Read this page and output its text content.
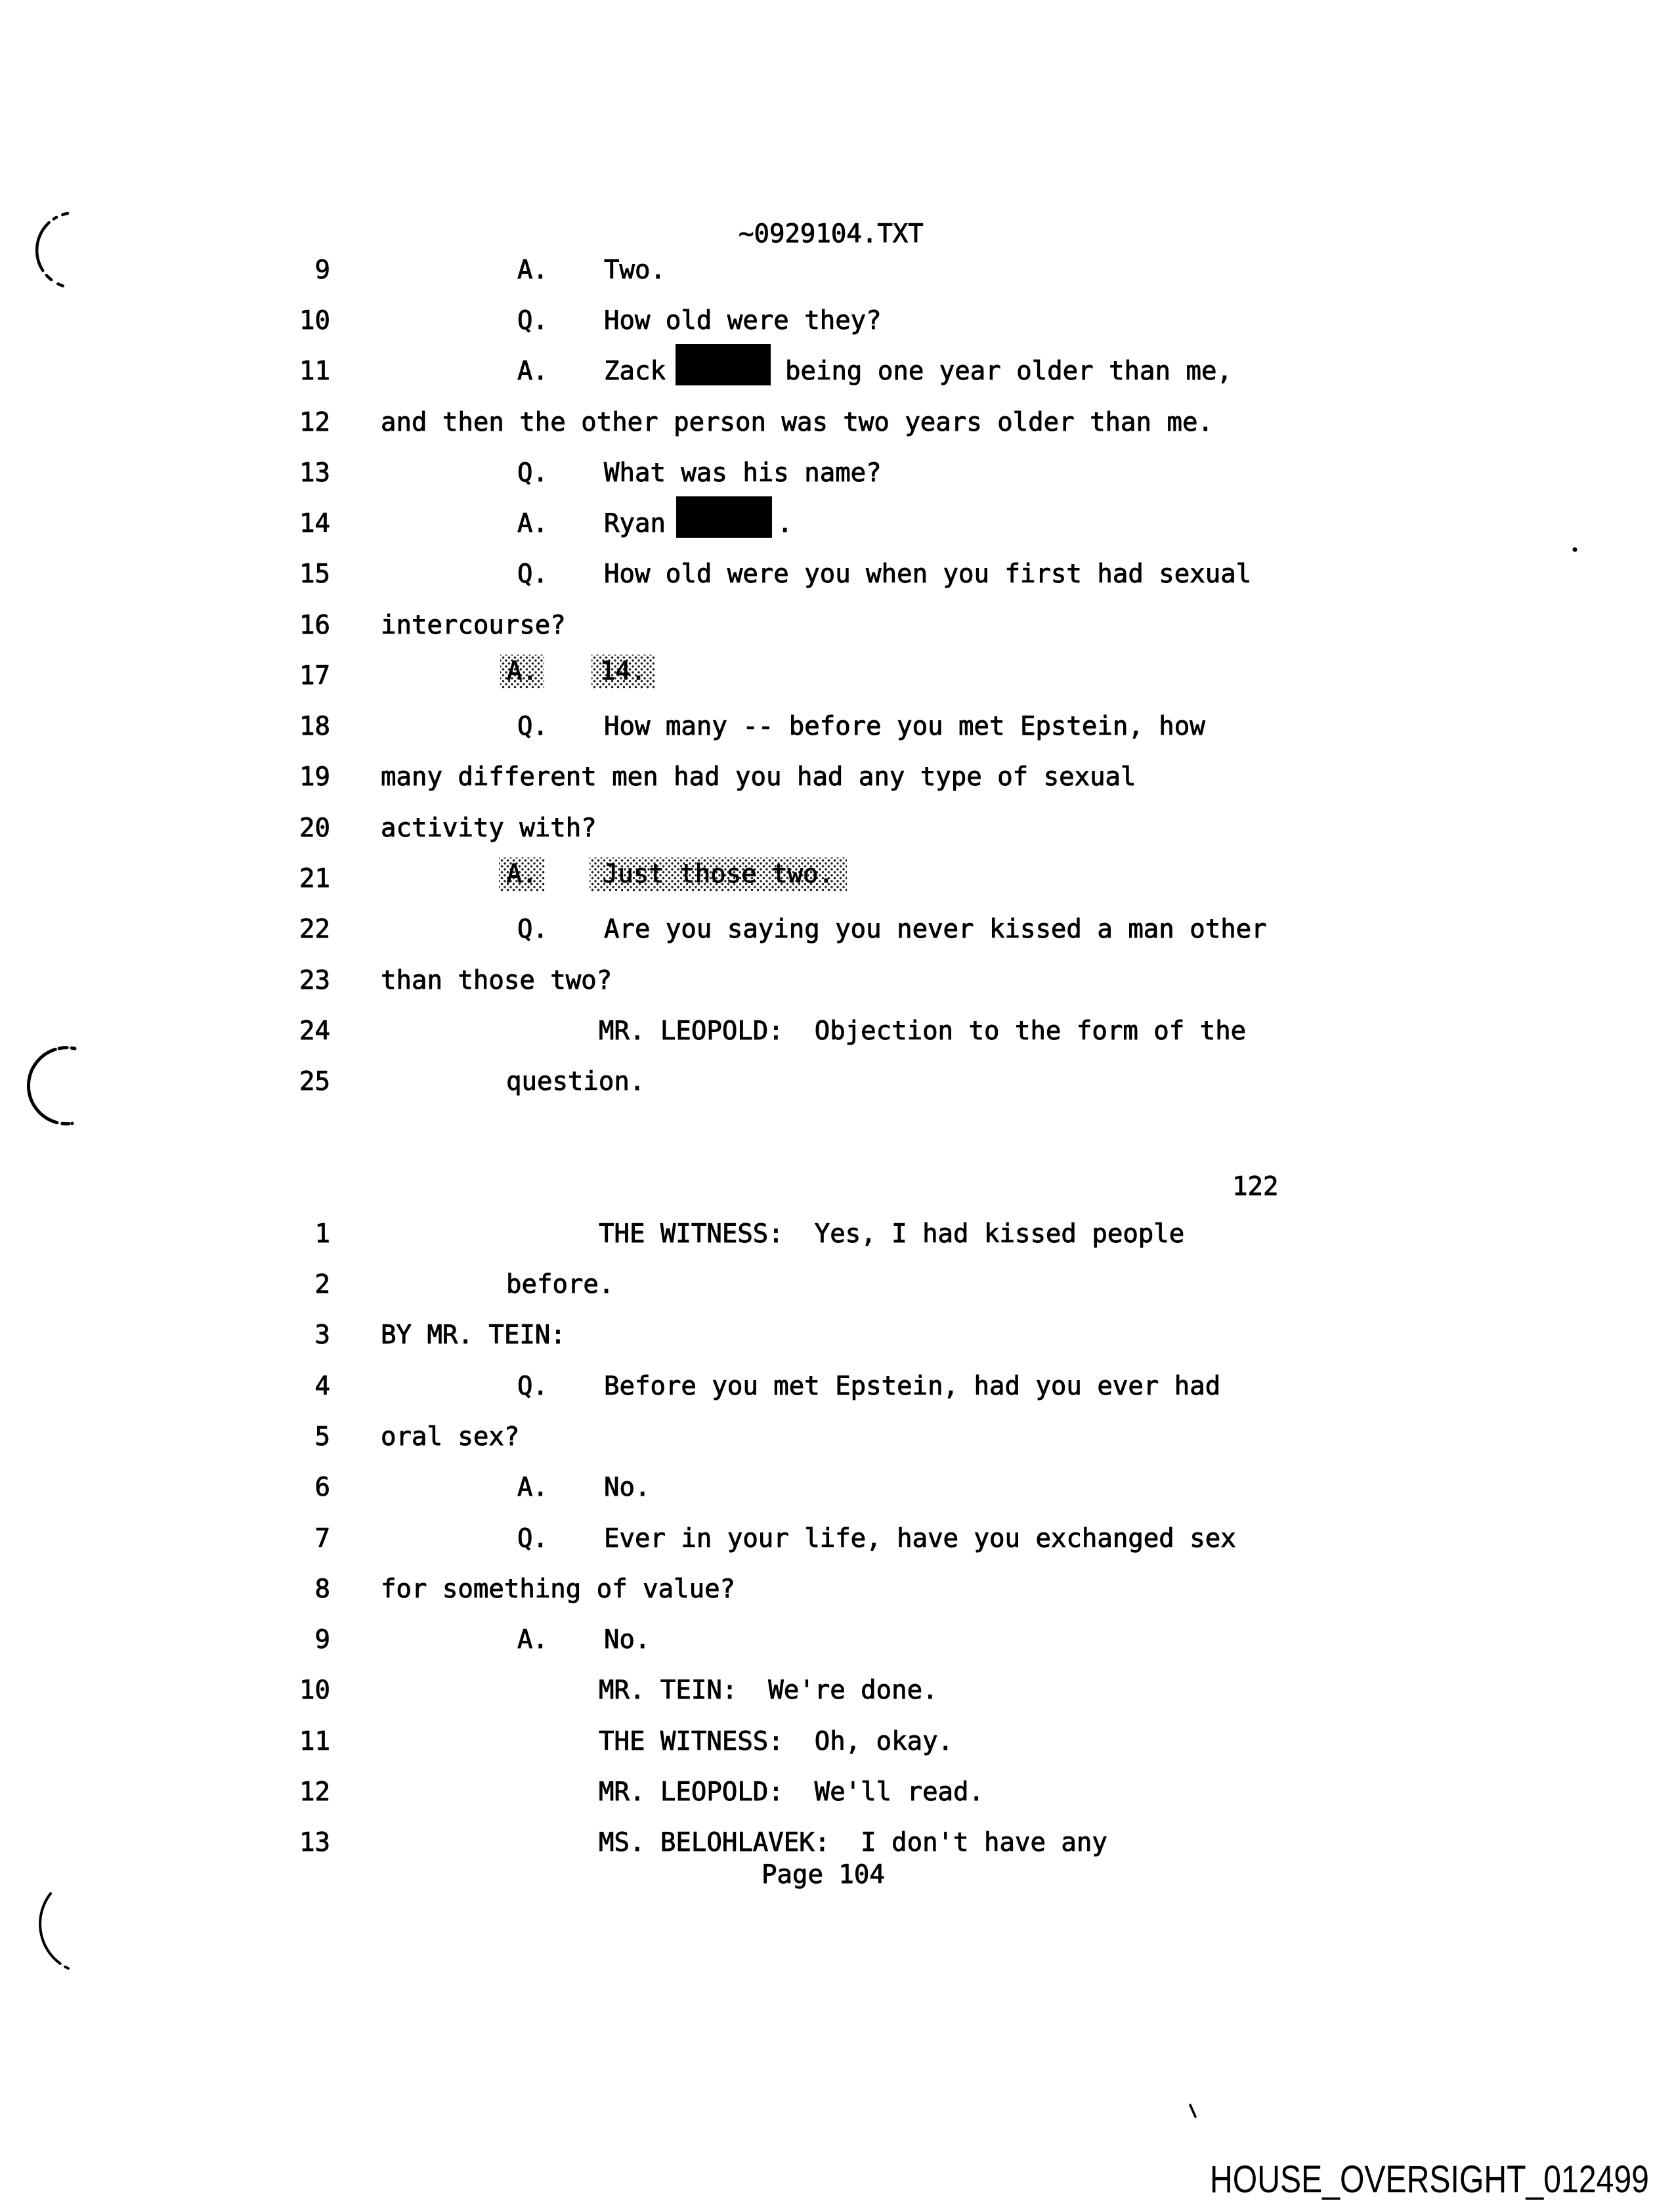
~0929104.TXT
122
Page 104
HOUSE_OVERSIGHT_012499
9	A. Two.
10	Q. How old were they?
11	A. Zack	being one year older than me,
12 and then the other person was two years older than me.
13	Q. What was his name?
14	A. Ryan	.
15	Q. How old were you when you first had sexual
16 intercourse?
17	A.	14.
18	Q. How many -- before you met Epstein, how
19 many different men had you had any type of sexual
20 activity with?
21	A.	Just those two.
22	Q. Are you saying you never kissed a man other
23 than those two?
24	MR. LEOPOLD:  Objection to the form of the
25	question.
1	THE WITNESS:  Yes, I had kissed people
2	before.
3 BY MR. TEIN:
4	Q. Before you met Epstein, had you ever had
5 oral sex?
6	A. No.
7	Q. Ever in your life, have you exchanged sex
8 for something of value?
9	A. No.
10	MR. TEIN:  We're done.
11	THE WITNESS:  Oh, okay.
12	MR. LEOPOLD:  We'll read.
13	MS. BELOHLAVEK:  I don't have any
